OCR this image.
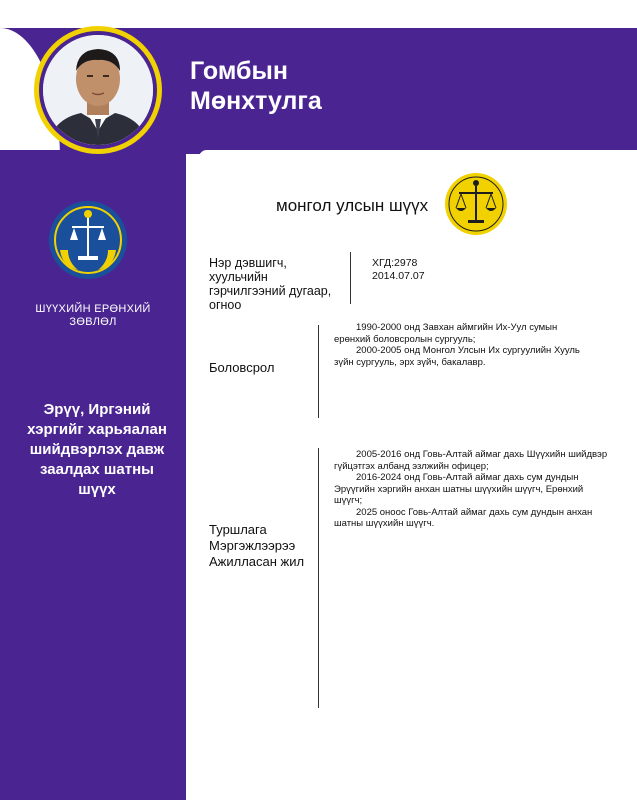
Гомбын
Мөнхтулга
ШҮҮХИЙН ЕРӨНХИЙ
ЗӨВЛӨЛ
Эрүү, Иргэний хэргийг харьяалан шийдвэрлэх давж заалдах шатны шүүх
монгол улсын шүүх
Нэр дэвшигч,
хуульчийн
гэрчилгээний дугаар,
огноо
ХГД:2978
2014.07.07
Боловсрол

1990-2000 онд Завхан аймгийн Их-Уул сумын

ерөнхий боловсролын сургууль;

2000-2005 онд Монгол Улсын Их сургуулийн Хууль

зүйн сургууль, эрх зүйч, бакалавр.

Туршлага
Мэргэжлээрээ
Ажилласан жил

2005-2016 онд Говь-Алтай аймаг дахь Шүүхийн шийдвэр

гүйцэтгэх албанд эзлжийн офицер;

2016-2024 онд Говь-Алтай аймаг дахь сум дундын

Эрүүгийн хэргийн анхан шатны шүүхийн шүүгч, Ерөнхий

шүүгч;

2025 оноос Говь-Алтай аймаг дахь сум дундын анхан

шатны шүүхийн шүүгч.
